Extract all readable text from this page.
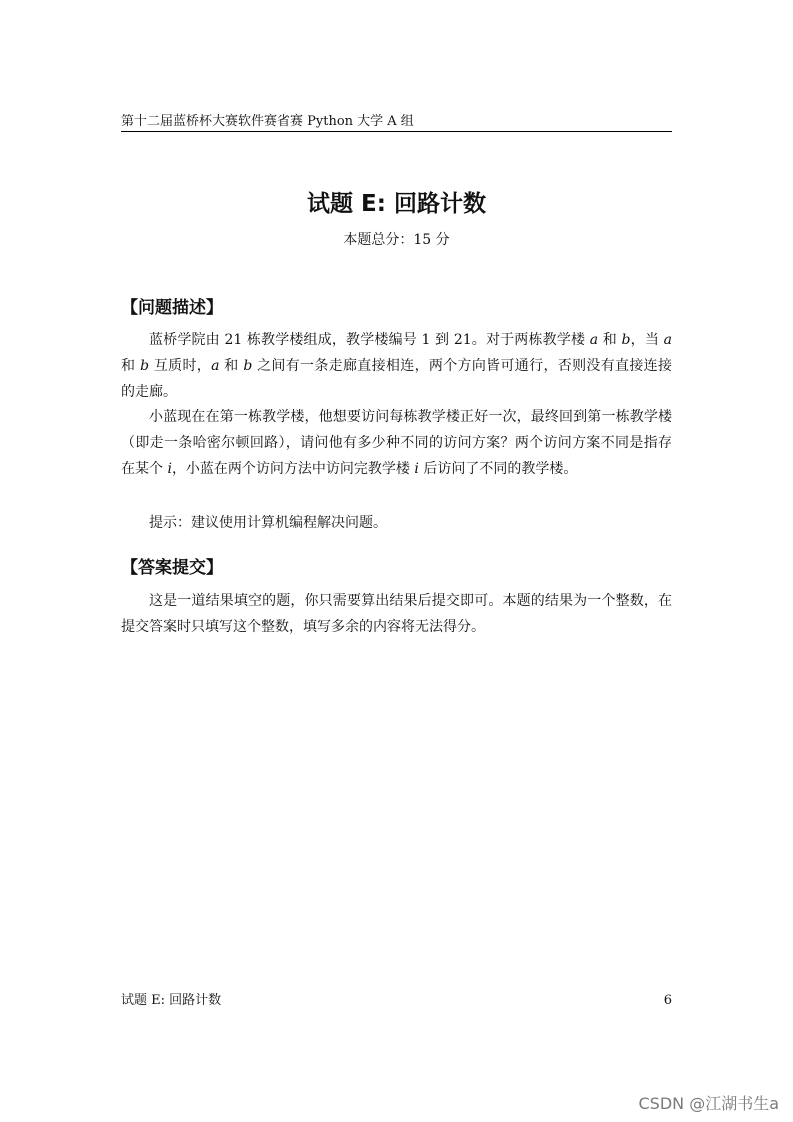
第十二届蓝桥杯大赛软件赛省赛 Python 大学 A 组
试题 E: 回路计数
本题总分：15 分
【问题描述】

蓝桥学院由 21 栋教学楼组成，教学楼编号 1 到 21。对于两栋教学楼 a 和 b，当 a 和 b 互质时，a 和 b 之间有一条走廊直接相连，两个方向皆可通行，否则没有直接连接的走廊。

小蓝现在在第一栋教学楼，他想要访问每栋教学楼正好一次，最终回到第一栋教学楼（即走一条哈密尔顿回路），请问他有多少种不同的访问方案？两个访问方案不同是指存在某个 i，小蓝在两个访问方法中访问完教学楼 i 后访问了不同的教学楼。

提示：建议使用计算机编程解决问题。

【答案提交】

这是一道结果填空的题，你只需要算出结果后提交即可。本题的结果为一个整数，在提交答案时只填写这个整数，填写多余的内容将无法得分。

试题 E: 回路计数	6
CSDN @江湖书生a
